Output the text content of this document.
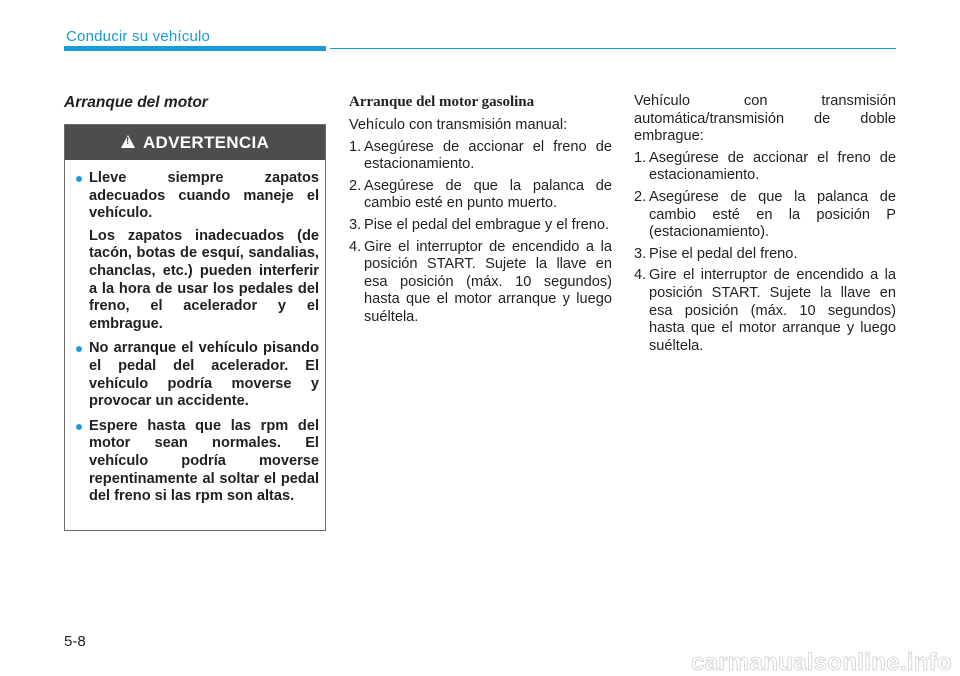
Conducir su vehículo
Arranque del motor
!
ADVERTENCIA

Lleve siempre zapatos adecuados cuando maneje el vehículo.

Los zapatos inadecuados (de tacón, botas de esquí, sandalias, chanclas, etc.) pueden interferir a la hora de usar los pedales del freno, el acelerador y el embrague.

No arranque el vehículo pisando el pedal del acelerador. El vehículo podría moverse y provocar un accidente.

Espere hasta que las rpm del motor sean normales. El vehículo podría moverse repentinamente al soltar el pedal del freno si las rpm son altas.

Arranque del motor gasolina
Vehículo con transmisión manual:
1. Asegúrese de accionar el freno de estacionamiento.
2. Asegúrese de que la palanca de cambio esté en punto muerto.
3. Pise el pedal del embrague y el freno.
4. Gire el interruptor de encendido a la posición START. Sujete la llave en esa posición (máx. 10 segundos) hasta que el motor arranque y luego suéltela.
Vehículo con transmisión automática/transmisión de doble embrague:
1. Asegúrese de accionar el freno de estacionamiento.
2. Asegúrese de que la palanca de cambio esté en la posición P (estacionamiento).
3. Pise el pedal del freno.
4. Gire el interruptor de encendido a la posición START. Sujete la llave en esa posición (máx. 10 segundos) hasta que el motor arranque y luego suéltela.
5-8
carmanualsonline.info
